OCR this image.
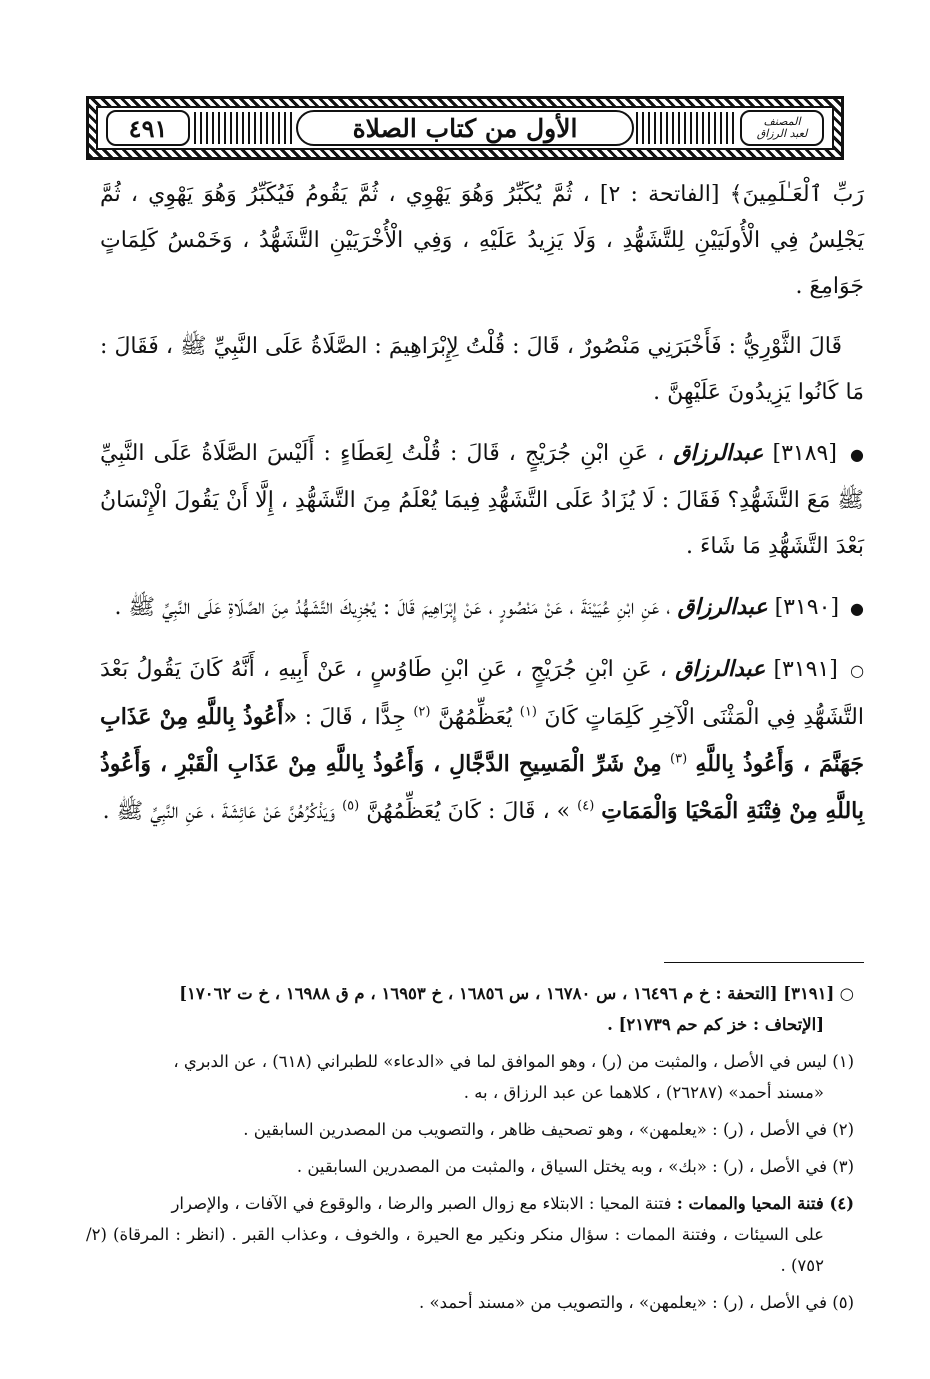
٤٩١	الأول من كتاب الصلاة	المصنف
لعبد الرزاق

رَبِّ ٱلْعَـٰلَمِينَ﴾ [الفاتحة : ٢] ، ثُمَّ يُكَبِّرُ وَهُوَ يَهْوِي ، ثُمَّ يَقُومُ فَيُكَبِّرُ وَهُوَ يَهْوِي ، ثُمَّ يَجْلِسُ فِي الْأُولَيَيْنِ لِلتَّشَهُّدِ ، وَلَا يَزِيدُ عَلَيْهِ ، وَفِي الْأُخْرَيَيْنِ التَّشَهُّدُ ، وَخَمْسُ كَلِمَاتٍ جَوَامِعَ .

قَالَ الثَّوْرِيُّ : فَأَخْبَرَنِي مَنْصُورٌ ، قَالَ : قُلْتُ لِإِبْرَاهِيمَ : الصَّلَاةُ عَلَى النَّبِيِّ ﷺ ، فَقَالَ : مَا كَانُوا يَزِيدُونَ عَلَيْهِنَّ .

● [٣١٨٩] عبدالرزاق ، عَنِ ابْنِ جُرَيْجٍ ، قَالَ : قُلْتُ لِعَطَاءٍ : أَلَيْسَ الصَّلَاةُ عَلَى النَّبِيِّ ﷺ مَعَ التَّشَهُّدِ؟ فَقَالَ : لَا يُزَادُ عَلَى التَّشَهُّدِ فِيمَا يُعْلَمُ مِنَ التَّشَهُّدِ ، إِلَّا أَنْ يَقُولَ الْإِنْسَانُ بَعْدَ التَّشَهُّدِ مَا شَاءَ .

● [٣١٩٠] عبدالرزاق ، عَنِ ابْنِ عُيَيْنَةَ ، عَنْ مَنْصُورٍ ، عَنْ إِبْرَاهِيمَ قَالَ : يُجْزِيكَ التَّشَهُّدُ مِنَ الصَّلَاةِ عَلَى النَّبِيِّ ﷺ .

○ [٣١٩١] عبدالرزاق ، عَنِ ابْنِ جُرَيْجٍ ، عَنِ ابْنِ طَاوُسٍ ، عَنْ أَبِيهِ ، أَنَّهُ كَانَ يَقُولُ بَعْدَ التَّشَهُّدِ فِي الْمَثْنَى الْآخِرِ كَلِمَاتٍ كَانَ $^{(١)}$ يُعَظِّمُهُنَّ $^{(٢)}$ جِدًّا ، قَالَ : «أَعُوذُ بِاللَّهِ مِنْ عَذَابِ جَهَنَّمَ ، وَأَعُوذُ بِاللَّهِ $^{(٣)}$ مِنْ شَرِّ الْمَسِيحِ الدَّجَّالِ ، وَأَعُوذُ بِاللَّهِ مِنْ عَذَابِ الْقَبْرِ ، وَأَعُوذُ بِاللَّهِ مِنْ فِتْنَةِ الْمَحْيَا وَالْمَمَاتِ $^{(٤)}$ » ، قَالَ : كَانَ يُعَظِّمُهُنَّ $^{(٥)}$ وَيَذْكُرُهُنَّ عَنْ عَائِشَةَ ، عَنِ النَّبِيِّ ﷺ .

○ [٣١٩١] [التحفة : خ م ١٦٤٩٦ ، س ١٦٧٨٠ ، س ١٦٨٥٦ ، خ ١٦٩٥٣ ، م ق ١٦٩٨٨ ، خ ت ١٧٠٦٢]
[الإتحاف : خز كم حم ٢١٧٣٩] .

(١) ليس في الأصل ، والمثبت من (ر) ، وهو الموافق لما في «الدعاء» للطبراني (٦١٨) ، عن الدبري ،
«مسند أحمد» (٢٦٢٨٧) ، كلاهما عن عبد الرزاق ، به .

(٢) في الأصل ، (ر) : «يعلمهن» ، وهو تصحيف ظاهر ، والتصويب من المصدرين السابقين .

(٣) في الأصل ، (ر) : «بك» ، وبه يختل السياق ، والمثبت من المصدرين السابقين .

(٤) فتنة المحيا والممات : فتنة المحيا : الابتلاء مع زوال الصبر والرضا ، والوقوع في الآفات ، والإصرار
على السيئات ، وفتنة الممات : سؤال منكر ونكير مع الحيرة ، والخوف ، وعذاب القبر . (انظر : المرقاة) (٢/ ٧٥٢) .

(٥) في الأصل ، (ر) : «يعلمهن» ، والتصويب من «مسند أحمد» .
